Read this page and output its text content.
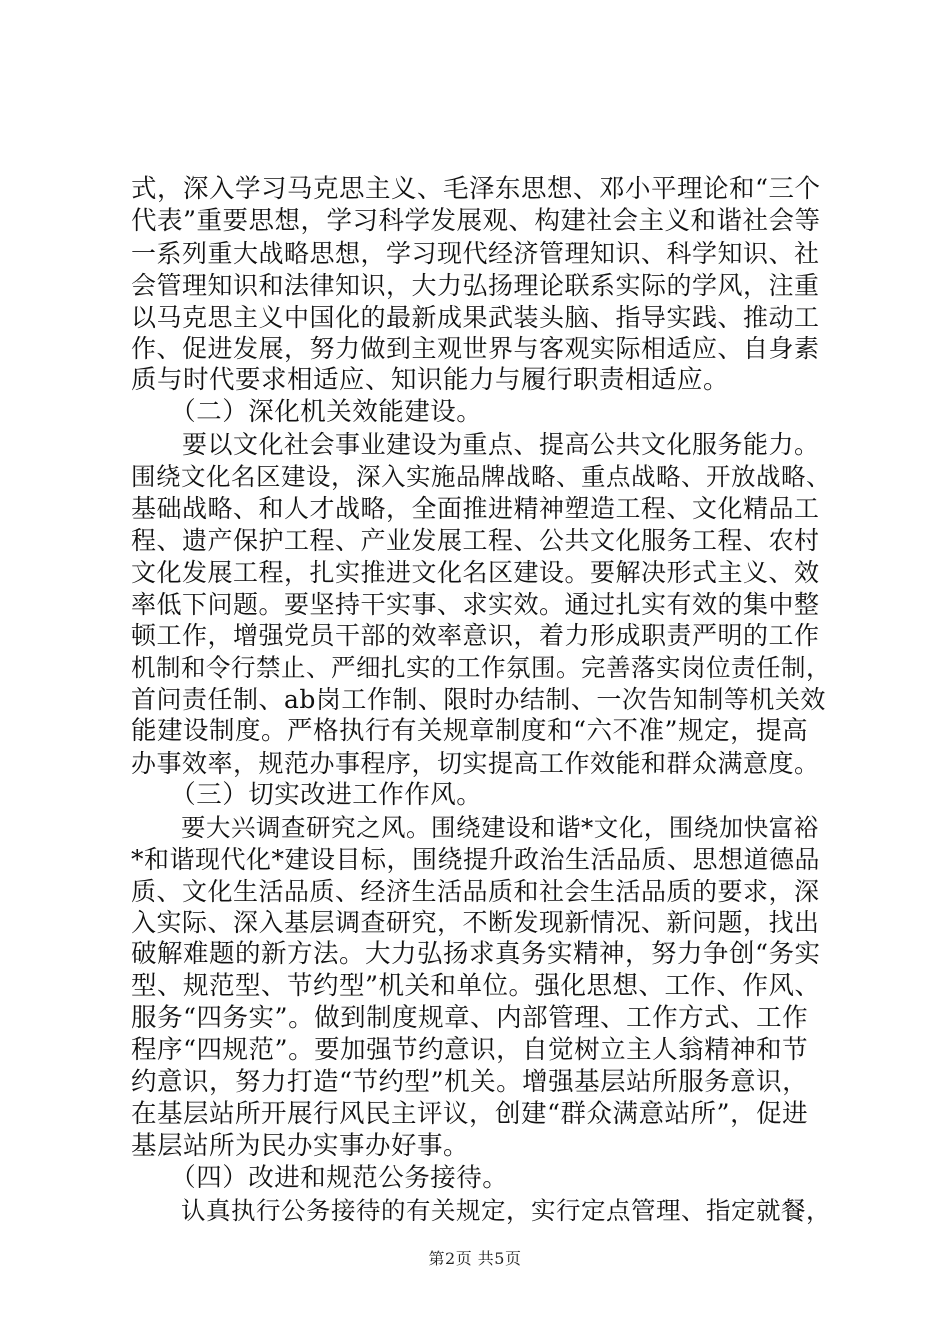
式，深入学习马克思主义、毛泽东思想、邓小平理论和“三个
代表”重要思想，学习科学发展观、构建社会主义和谐社会等
一系列重大战略思想，学习现代经济管理知识、科学知识、社
会管理知识和法律知识，大力弘扬理论联系实际的学风，注重
以马克思主义中国化的最新成果武装头脑、指导实践、推动工
作、促进发展，努力做到主观世界与客观实际相适应、自身素
质与时代要求相适应、知识能力与履行职责相适应。
　　（二）深化机关效能建设。
　　要以文化社会事业建设为重点、提高公共文化服务能力。
围绕文化名区建设，深入实施品牌战略、重点战略、开放战略、
基础战略、和人才战略，全面推进精神塑造工程、文化精品工
程、遗产保护工程、产业发展工程、公共文化服务工程、农村
文化发展工程，扎实推进文化名区建设。要解决形式主义、效
率低下问题。要坚持干实事、求实效。通过扎实有效的集中整
顿工作，增强党员干部的效率意识，着力形成职责严明的工作
机制和令行禁止、严细扎实的工作氛围。完善落实岗位责任制，
首问责任制、ab岗工作制、限时办结制、一次告知制等机关效
能建设制度。严格执行有关规章制度和“六不准”规定，提高
办事效率，规范办事程序，切实提高工作效能和群众满意度。
　　（三）切实改进工作作风。
　　要大兴调查研究之风。围绕建设和谐*文化，围绕加快富裕
*和谐现代化*建设目标，围绕提升政治生活品质、思想道德品
质、文化生活品质、经济生活品质和社会生活品质的要求，深
入实际、深入基层调查研究，不断发现新情况、新问题，找出
破解难题的新方法。大力弘扬求真务实精神，努力争创“务实
型、规范型、节约型”机关和单位。强化思想、工作、作风、
服务“四务实”。做到制度规章、内部管理、工作方式、工作
程序“四规范”。要加强节约意识，自觉树立主人翁精神和节
约意识，努力打造“节约型”机关。增强基层站所服务意识，
在基层站所开展行风民主评议，创建“群众满意站所”，促进
基层站所为民办实事办好事。
　　（四）改进和规范公务接待。
　　认真执行公务接待的有关规定，实行定点管理、指定就餐，
第2页 共5页
